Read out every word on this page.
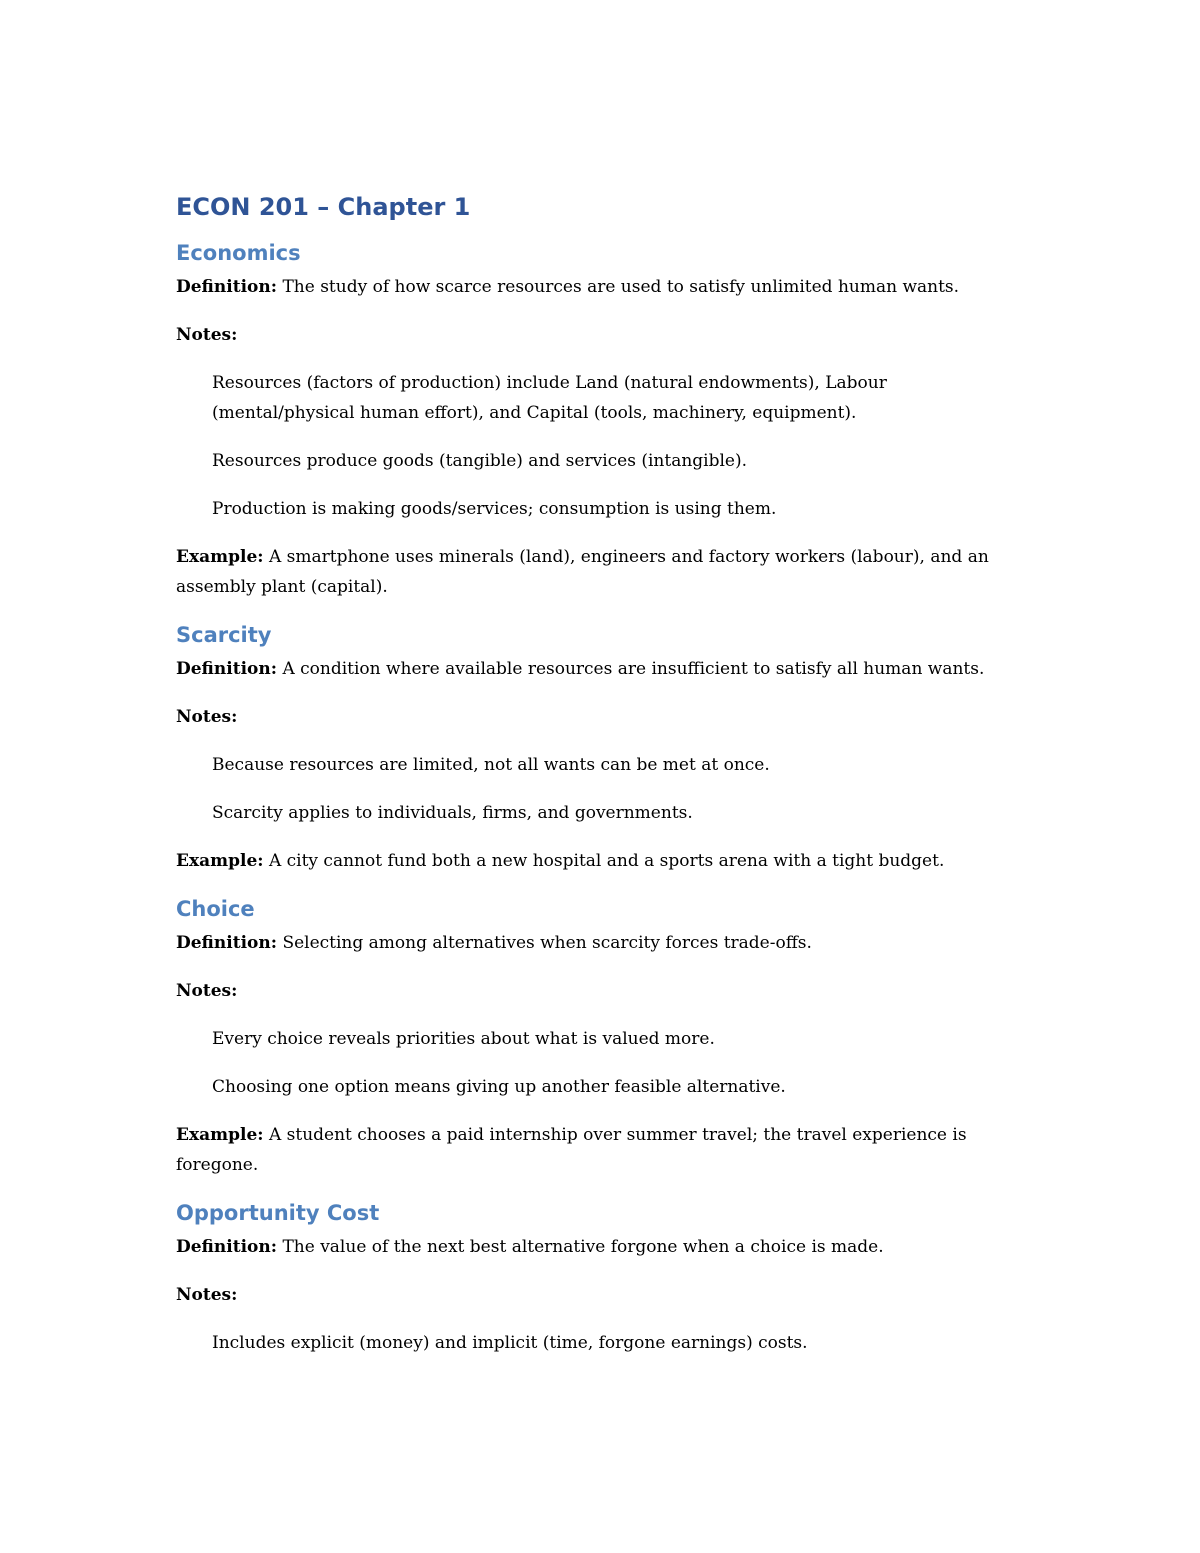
ECON 201 – Chapter 1
Economics

Definition: The study of how scarce resources are used to satisfy unlimited human wants.

Notes:

Resources (factors of production) include Land (natural endowments), Labour (mental/physical human effort), and Capital (tools, machinery, equipment).

Resources produce goods (tangible) and services (intangible).

Production is making goods/services; consumption is using them.

Example: A smartphone uses minerals (land), engineers and factory workers (labour), and an assembly plant (capital).

Scarcity

Definition: A condition where available resources are insufficient to satisfy all human wants.

Notes:

Because resources are limited, not all wants can be met at once.

Scarcity applies to individuals, firms, and governments.

Example: A city cannot fund both a new hospital and a sports arena with a tight budget.

Choice

Definition: Selecting among alternatives when scarcity forces trade-offs.

Notes:

Every choice reveals priorities about what is valued more.

Choosing one option means giving up another feasible alternative.

Example: A student chooses a paid internship over summer travel; the travel experience is foregone.

Opportunity Cost

Definition: The value of the next best alternative forgone when a choice is made.

Notes:

Includes explicit (money) and implicit (time, forgone earnings) costs.
